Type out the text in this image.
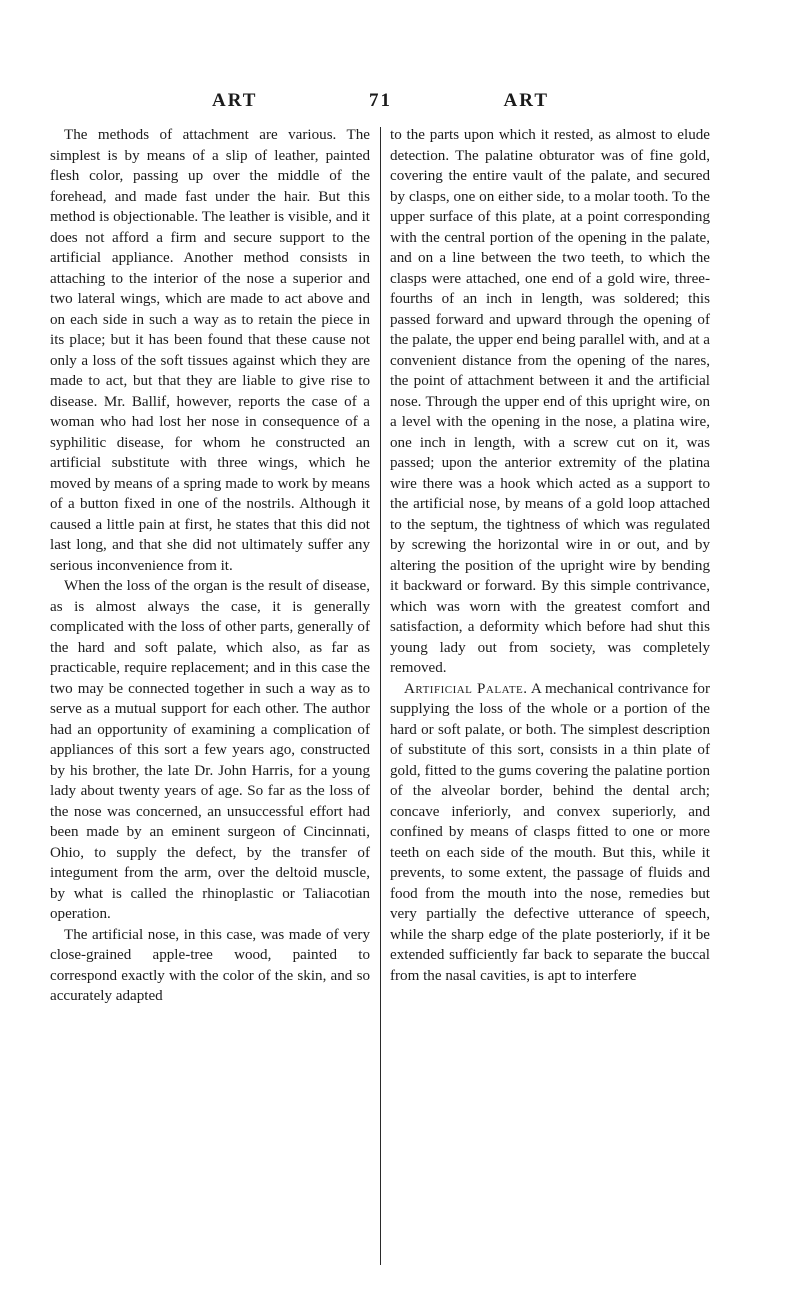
ART	71	ART

The methods of attachment are various. The simplest is by means of a slip of leather, painted flesh color, passing up over the middle of the forehead, and made fast under the hair. But this method is objectionable. The leather is visible, and it does not afford a firm and secure support to the artificial appliance. Another method consists in attaching to the interior of the nose a superior and two lateral wings, which are made to act above and on each side in such a way as to retain the piece in its place; but it has been found that these cause not only a loss of the soft tissues against which they are made to act, but that they are liable to give rise to disease. Mr. Ballif, however, reports the case of a woman who had lost her nose in consequence of a syphilitic disease, for whom he constructed an artificial substitute with three wings, which he moved by means of a spring made to work by means of a button fixed in one of the nostrils. Although it caused a little pain at first, he states that this did not last long, and that she did not ultimately suffer any serious inconvenience from it.

When the loss of the organ is the result of disease, as is almost always the case, it is generally complicated with the loss of other parts, generally of the hard and soft palate, which also, as far as practicable, require replacement; and in this case the two may be connected together in such a way as to serve as a mutual support for each other. The author had an opportunity of examining a complication of appliances of this sort a few years ago, constructed by his brother, the late Dr. John Harris, for a young lady about twenty years of age. So far as the loss of the nose was concerned, an unsuccessful effort had been made by an eminent surgeon of Cincinnati, Ohio, to supply the defect, by the transfer of integument from the arm, over the deltoid muscle, by what is called the rhinoplastic or Taliacotian operation.

The artificial nose, in this case, was made of very close-grained apple-tree wood, painted to correspond exactly with the color of the skin, and so accurately adapted

to the parts upon which it rested, as almost to elude detection. The palatine obturator was of fine gold, covering the entire vault of the palate, and secured by clasps, one on either side, to a molar tooth. To the upper surface of this plate, at a point corresponding with the central portion of the opening in the palate, and on a line between the two teeth, to which the clasps were attached, one end of a gold wire, three-fourths of an inch in length, was soldered; this passed forward and upward through the opening of the palate, the upper end being parallel with, and at a convenient distance from the opening of the nares, the point of attachment between it and the artificial nose. Through the upper end of this upright wire, on a level with the opening in the nose, a platina wire, one inch in length, with a screw cut on it, was passed; upon the anterior extremity of the platina wire there was a hook which acted as a support to the artificial nose, by means of a gold loop attached to the septum, the tightness of which was regulated by screwing the horizontal wire in or out, and by altering the position of the upright wire by bending it backward or forward. By this simple contrivance, which was worn with the greatest comfort and satisfaction, a deformity which before had shut this young lady out from society, was completely removed.

Artificial Palate. A mechanical contrivance for supplying the loss of the whole or a portion of the hard or soft palate, or both. The simplest description of substitute of this sort, consists in a thin plate of gold, fitted to the gums covering the palatine portion of the alveolar border, behind the dental arch; concave inferiorly, and convex superiorly, and confined by means of clasps fitted to one or more teeth on each side of the mouth. But this, while it prevents, to some extent, the passage of fluids and food from the mouth into the nose, remedies but very partially the defective utterance of speech, while the sharp edge of the plate posteriorly, if it be extended sufficiently far back to separate the buccal from the nasal cavities, is apt to interfere
